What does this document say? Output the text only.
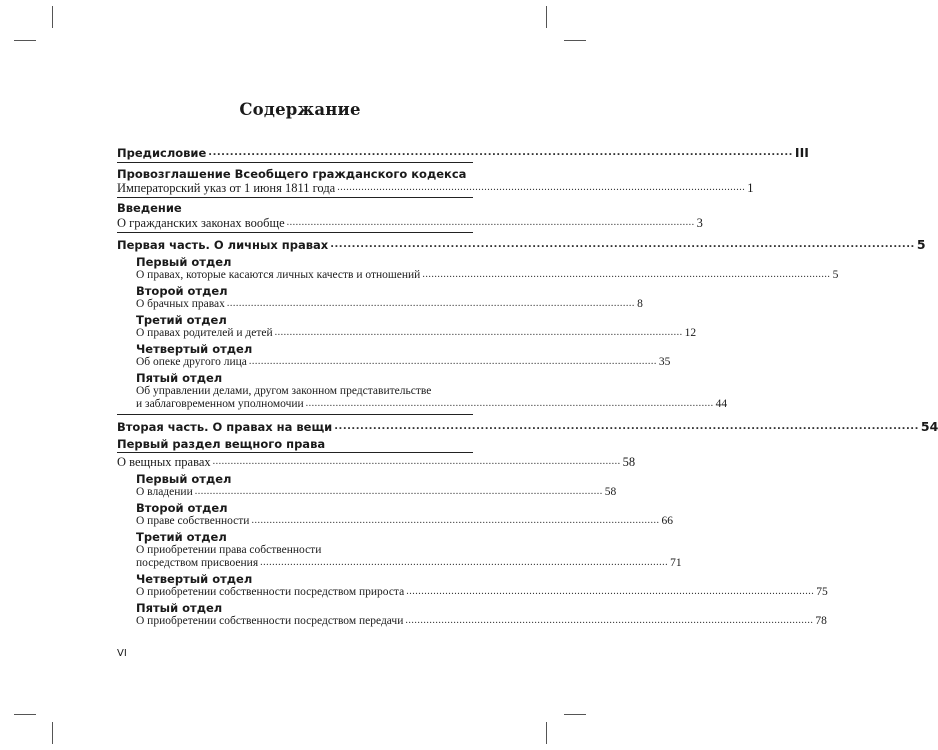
Содержание
Предисловие ........................................................................................................................................ III
Провозглашение Всеобщего гражданского кодекса
Императорский указ от 1 июня 1811 года ........................................................................................................................................ 1
Введение
О гражданских законах вообще ........................................................................................................................................ 3
Первая часть. О личных правах ........................................................................................................................................ 5
Первый отдел
О правах, которые касаются личных качеств и отношений ........................................................................................................................................ 5
Второй отдел
О брачных правах ........................................................................................................................................ 8
Третий отдел
О правах родителей и детей ........................................................................................................................................ 12
Четвертый отдел
Об опеке другого лица ........................................................................................................................................ 35
Пятый отдел
Об управлении делами, другом законном представительстве
и заблаговременном уполномочии ........................................................................................................................................ 44
Вторая часть. О правах на вещи ........................................................................................................................................ 54
Первый раздел вещного права
О вещных правах ........................................................................................................................................ 58
Первый отдел
О владении ........................................................................................................................................ 58
Второй отдел
О праве собственности ........................................................................................................................................ 66
Третий отдел
О приобретении права собственности
посредством присвоения ........................................................................................................................................ 71
Четвертый отдел
О приобретении собственности посредством прироста ........................................................................................................................................ 75
Пятый отдел
О приобретении собственности посредством передачи ........................................................................................................................................ 78
VI
